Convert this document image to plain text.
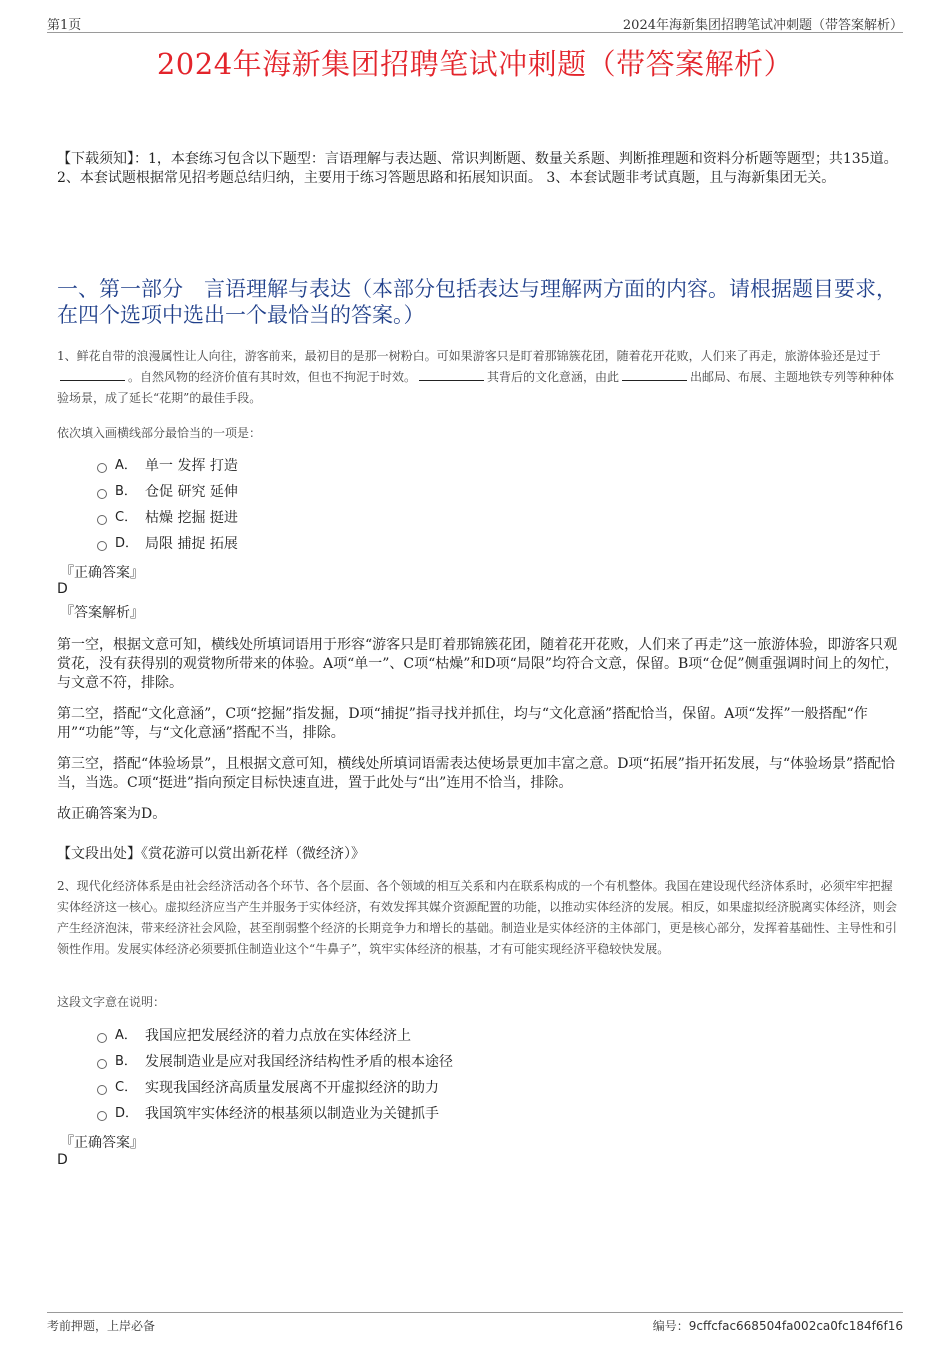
第1页	2024年海新集团招聘笔试冲刺题（带答案解析）
2024年海新集团招聘笔试冲刺题（带答案解析）
【下载须知】：1，本套练习包含以下题型：言语理解与表达题、常识判断题、数量关系题、判断推理题和资料分析题等题型；共135道。 2、本套试题根据常见招考题总结归纳，主要用于练习答题思路和拓展知识面。 3、本套试题非考试真题，且与海新集团无关。
一、第一部分　言语理解与表达（本部分包括表达与理解两方面的内容。请根据题目要求，在四个选项中选出一个最恰当的答案。）
1、鲜花自带的浪漫属性让人向往，游客前来，最初目的是那一树粉白。可如果游客只是盯着那锦簇花团，随着花开花败，人们来了再走，旅游体验还是过于。自然风物的经济价值有其时效，但也不拘泥于时效。	其背后的文化意涵，由此	出邮局、布展、主题地铁专列等种种体验场景，成了延长“花期”的最佳手段。
依次填入画横线部分最恰当的一项是：
A． 单一 发挥 打造
B． 仓促 研究 延伸
C． 枯燥 挖掘 挺进
D． 局限 捕捉 拓展
『正确答案』
D
『答案解析』

第一空，根据文意可知，横线处所填词语用于形容“游客只是盯着那锦簇花团，随着花开花败，人们来了再走”这一旅游体验，即游客只观赏花，没有获得别的观赏物所带来的体验。A项“单一”、C项“枯燥”和D项“局限”均符合文意，保留。B项“仓促”侧重强调时间上的匆忙，与文意不符，排除。

第二空，搭配“文化意涵”，C项“挖掘”指发掘，D项“捕捉”指寻找并抓住，均与“文化意涵”搭配恰当，保留。A项“发挥”一般搭配“作用”“功能”等，与“文化意涵”搭配不当，排除。

第三空，搭配“体验场景”，且根据文意可知，横线处所填词语需表达使场景更加丰富之意。D项“拓展”指开拓发展，与“体验场景”搭配恰当，当选。C项“挺进”指向预定目标快速直进，置于此处与“出”连用不恰当，排除。

故正确答案为D。

【文段出处】《赏花游可以赏出新花样（微经济）》
2、现代化经济体系是由社会经济活动各个环节、各个层面、各个领域的相互关系和内在联系构成的一个有机整体。我国在建设现代经济体系时，必须牢牢把握实体经济这一核心。虚拟经济应当产生并服务于实体经济，有效发挥其媒介资源配置的功能，以推动实体经济的发展。相反，如果虚拟经济脱离实体经济，则会产生经济泡沫，带来经济社会风险，甚至削弱整个经济的长期竞争力和增长的基础。制造业是实体经济的主体部门，更是核心部分，发挥着基础性、主导性和引领性作用。发展实体经济必须要抓住制造业这个“牛鼻子”，筑牢实体经济的根基，才有可能实现经济平稳较快发展。
这段文字意在说明：
A． 我国应把发展经济的着力点放在实体经济上
B． 发展制造业是应对我国经济结构性矛盾的根本途径
C． 实现我国经济高质量发展离不开虚拟经济的助力
D． 我国筑牢实体经济的根基须以制造业为关键抓手
『正确答案』
D
考前押题，上岸必备	编号：9cffcfac668504fa002ca0fc184f6f16
